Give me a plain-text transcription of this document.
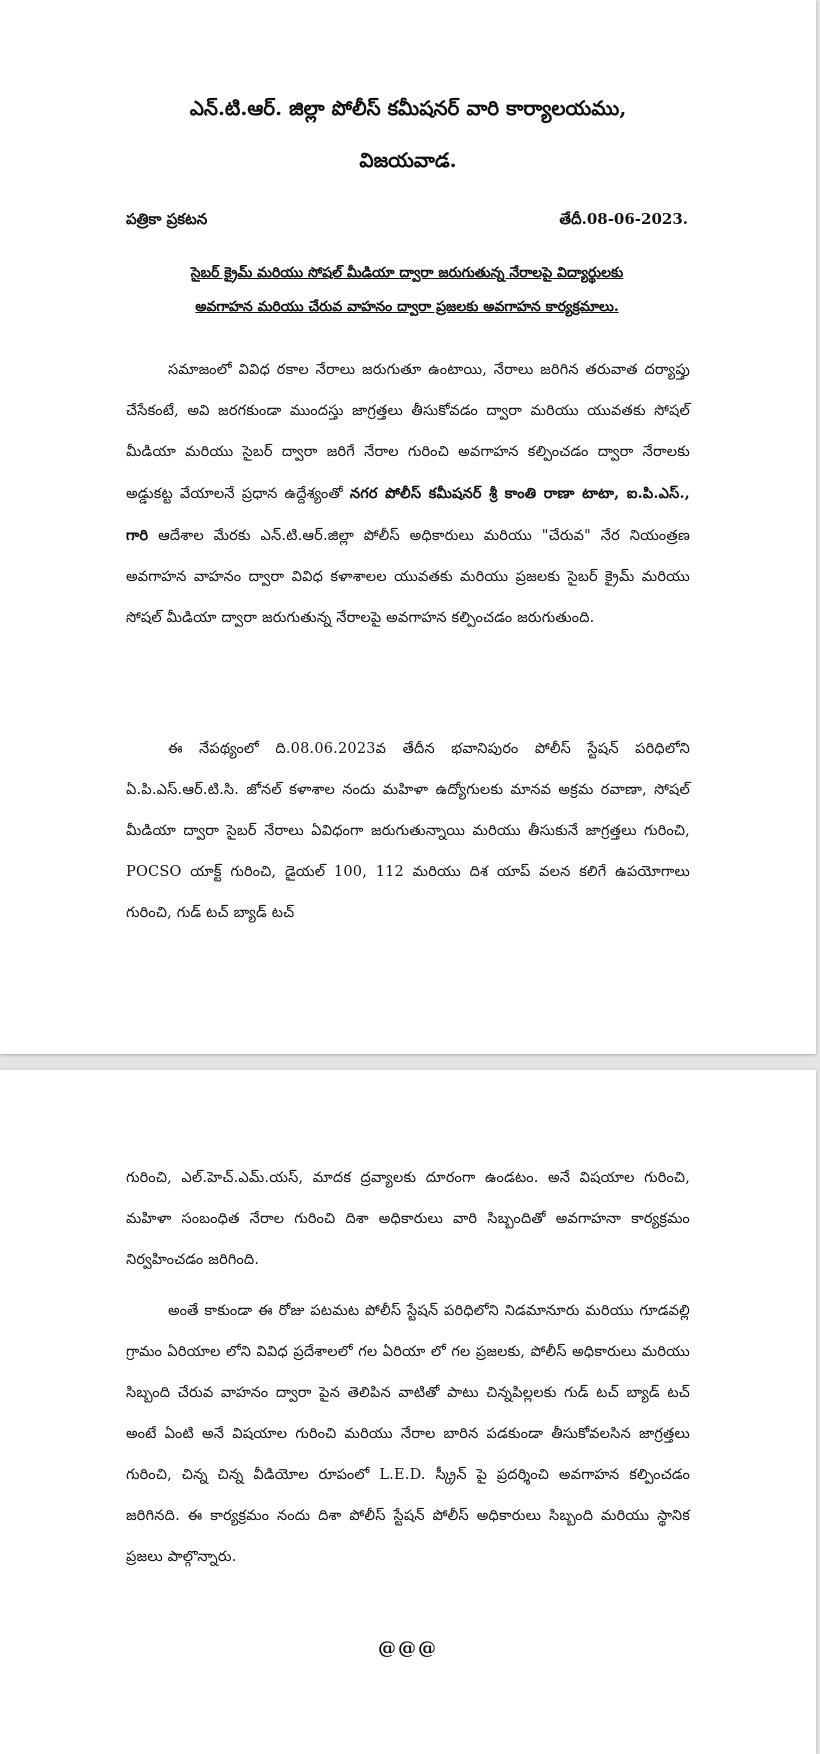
ఎన్.టి.ఆర్. జిల్లా పోలీస్ కమీషనర్ వారి కార్యాలయము,

విజయవాడ.

పత్రికా ప్రకటన	తేదీ.08-06-2023.
సైబర్ క్రైమ్ మరియు సోషల్ మీడియా ద్వారా జరుగుతున్న నేరాలపై విద్యార్థులకు
అవగాహన మరియు చేరువ వాహనం ద్వారా ప్రజలకు అవగాహన కార్యక్రమాలు.

సమాజంలో వివిధ రకాల నేరాలు జరుగుతూ ఉంటాయి, నేరాలు జరిగిన తరువాత దర్యాప్తు చేసేకంటే, అవి జరగకుండా ముందస్తు జాగ్రత్తలు తీసుకోవడం ద్వారా మరియు యువతకు సోషల్ మీడియా మరియు సైబర్ ద్వారా జరిగే నేరాల గురించి అవగాహన కల్పించడం ద్వారా నేరాలకు అడ్డుకట్ట వేయాలనే ప్రధాన ఉద్దేశ్యంతో నగర పోలీస్ కమీషనర్ శ్రీ కాంతి రాణా టాటా, ఐ.పి.ఎస్., గారి ఆదేశాల మేరకు ఎన్.టి.ఆర్.జిల్లా పోలీస్ అధికారులు మరియు "చేరువ" నేర నియంత్రణ అవగాహన వాహనం ద్వారా వివిధ కళాశాలల యువతకు మరియు ప్రజలకు సైబర్ క్రైమ్ మరియు సోషల్ మీడియా ద్వారా జరుగుతున్న నేరాలపై అవగాహన కల్పించడం జరుగుతుంది.

ఈ నేపథ్యంలో ది.08.06.2023వ తేదీన భవానిపురం పోలీస్ స్టేషన్ పరిధిలోని ఏ.పి.ఎస్.ఆర్.టి.సి. జోనల్ కళాశాల నందు మహిళా ఉద్యోగులకు మానవ అక్రమ రవాణా, సోషల్ మీడియా ద్వారా సైబర్ నేరాలు ఏవిధంగా జరుగుతున్నాయి మరియు తీసుకునే జాగ్రత్తలు గురించి, POCSO యాక్ట్ గురించి, డైయల్ 100, 112 మరియు దిశ యాప్ వలన కలిగే ఉపయోగాలు గురించి, గుడ్ టచ్ బ్యాడ్ టచ్

గురించి, ఎల్.హెచ్.ఎమ్.యస్, మాదక ద్రవ్యాలకు దూరంగా ఉండటం. అనే విషయాల గురించి, మహిళా సంబంధిత నేరాల గురించి దిశా అధికారులు వారి సిబ్బందితో అవగాహనా కార్యక్రమం నిర్వహించడం జరిగింది.

అంతే కాకుండా ఈ రోజు పటమట పోలీస్ స్టేషన్ పరిధిలోని నిడమానూరు మరియు గూడవల్లి గ్రామం ఏరియాల లోని వివిధ ప్రదేశాలలో గల ఏరియా లో గల ప్రజలకు, పోలీస్ అధికారులు మరియు సిబ్బంది చేరువ వాహనం ద్వారా పైన తెలిపిన వాటితో పాటు చిన్నపిల్లలకు గుడ్ టచ్ బ్యాడ్ టచ్ అంటే ఏంటి అనే విషయాల గురించి మరియు నేరాల బారిన పడకుండా తీసుకోవలసిన జాగ్రత్తలు గురించి, చిన్న చిన్న వీడియోల రూపంలో L.E.D. స్క్రీన్ పై ప్రదర్శించి అవగాహన కల్పించడం జరిగినది. ఈ కార్యక్రమం నందు దిశా పోలీస్ స్టేషన్ పోలీస్ అధికారులు సిబ్బంది మరియు స్థానిక ప్రజలు పాల్గొన్నారు.

@@@
